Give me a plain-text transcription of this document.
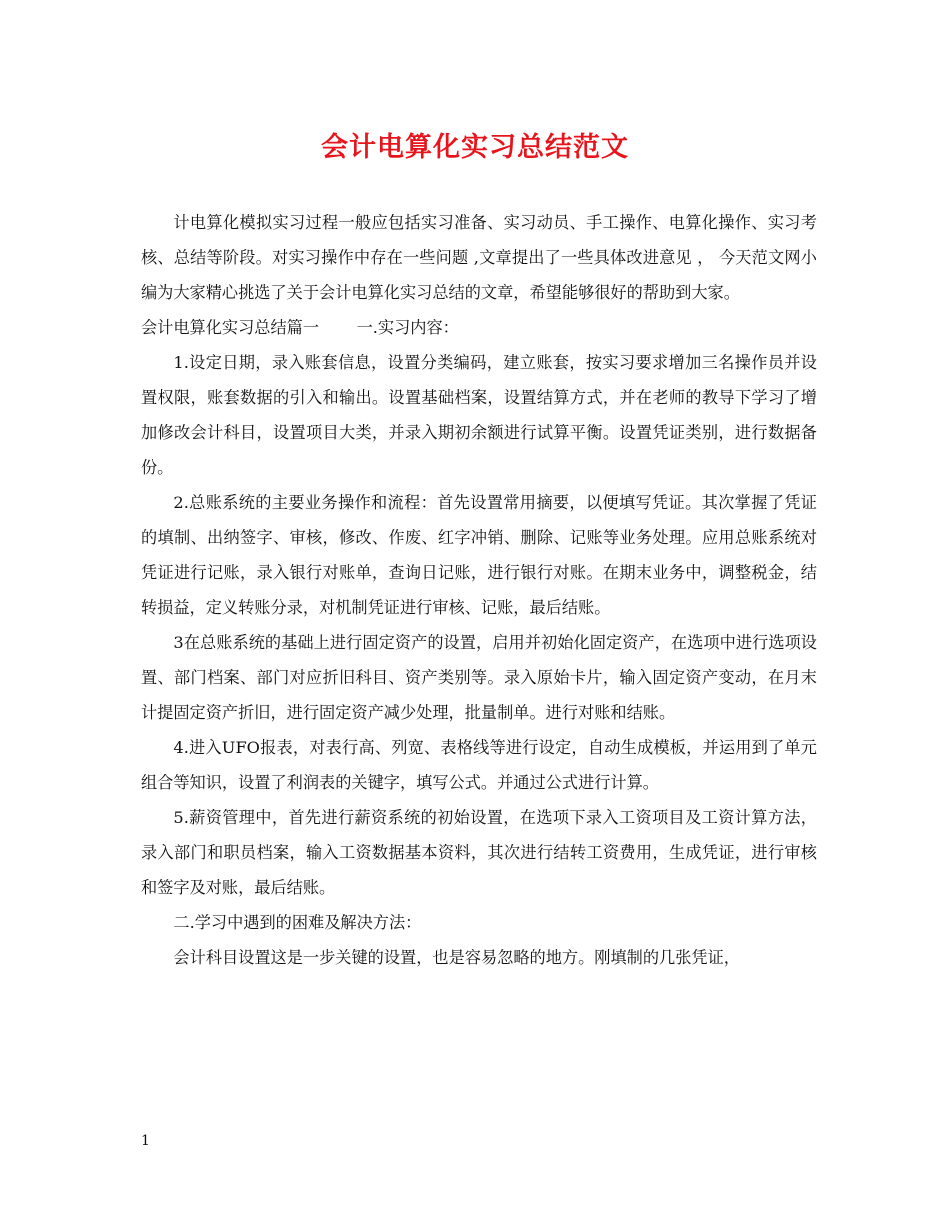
会计电算化实习总结范文

计电算化模拟实习过程一般应包括实习准备、实习动员、手工操作、电算化操作、实习考核、总结等阶段。对实习操作中存在一些问题 ,文章提出了一些具体改进意见 ， 今天范文网小编为大家精心挑选了关于会计电算化实习总结的文章，希望能够很好的帮助到大家。

会计电算化实习总结篇一　　 一.实习内容：

1.设定日期，录入账套信息，设置分类编码，建立账套，按实习要求增加三名操作员并设置权限，账套数据的引入和输出。设置基础档案，设置结算方式，并在老师的教导下学习了增加修改会计科目，设置项目大类，并录入期初余额进行试算平衡。设置凭证类别，进行数据备份。

2.总账系统的主要业务操作和流程：首先设置常用摘要，以便填写凭证。其次掌握了凭证的填制、出纳签字、审核，修改、作废、红字冲销、删除、记账等业务处理。应用总账系统对凭证进行记账，录入银行对账单，查询日记账，进行银行对账。在期末业务中，调整税金，结转损益，定义转账分录，对机制凭证进行审核、记账，最后结账。

3在总账系统的基础上进行固定资产的设置，启用并初始化固定资产，在选项中进行选项设置、部门档案、部门对应折旧科目、资产类别等。录入原始卡片，输入固定资产变动，在月末计提固定资产折旧，进行固定资产减少处理，批量制单。进行对账和结账。

4.进入UFO报表，对表行高、列宽、表格线等进行设定，自动生成模板，并运用到了单元组合等知识，设置了利润表的关键字，填写公式。并通过公式进行计算。

5.薪资管理中，首先进行薪资系统的初始设置，在选项下录入工资项目及工资计算方法，录入部门和职员档案，输入工资数据基本资料，其次进行结转工资费用，生成凭证，进行审核和签字及对账，最后结账。

二.学习中遇到的困难及解决方法：

会计科目设置这是一步关键的设置，也是容易忽略的地方。刚填制的几张凭证，

1
